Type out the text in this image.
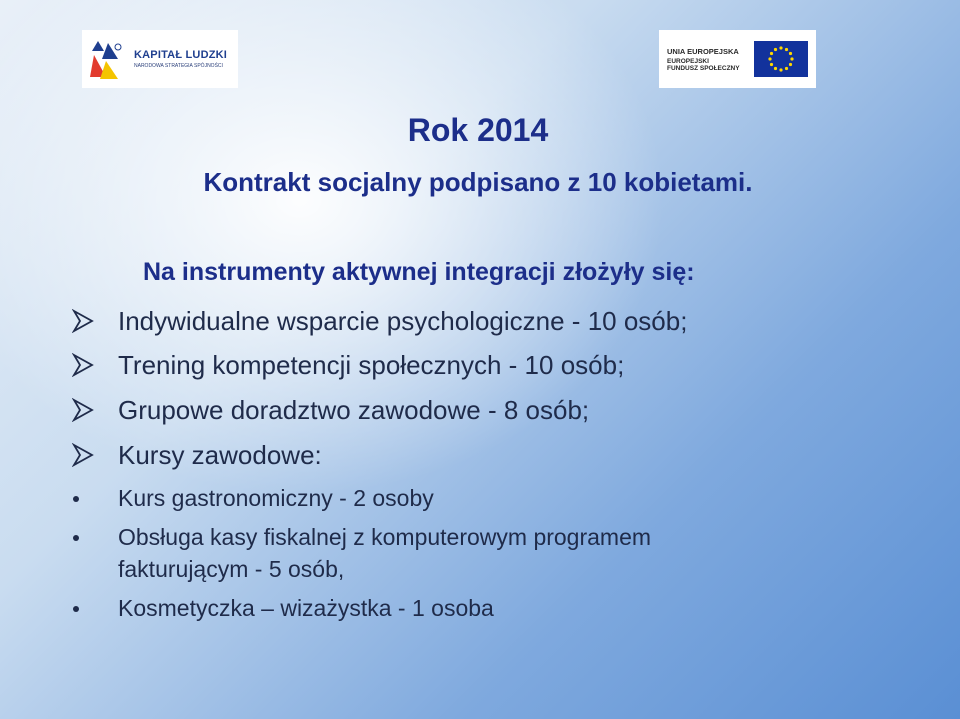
KAPITAŁ LUDZKI
NARODOWA STRATEGIA SPÓJNOŚCI
UNIA EUROPEJSKA
EUROPEJSKI
FUNDUSZ SPOŁECZNY
Rok 2014
Kontrakt socjalny podpisano z 10 kobietami.

Na instrumenty aktywnej integracji złożyły się:

Indywidualne wsparcie psychologiczne - 10 osób;
Trening kompetencji społecznych - 10 osób;
Grupowe doradztwo zawodowe - 8 osób;
Kursy zawodowe:
Kurs gastronomiczny - 2 osoby
Obsługa kasy fiskalnej z komputerowym programem
fakturującym - 5 osób,
Kosmetyczka – wizażystka - 1 osoba
